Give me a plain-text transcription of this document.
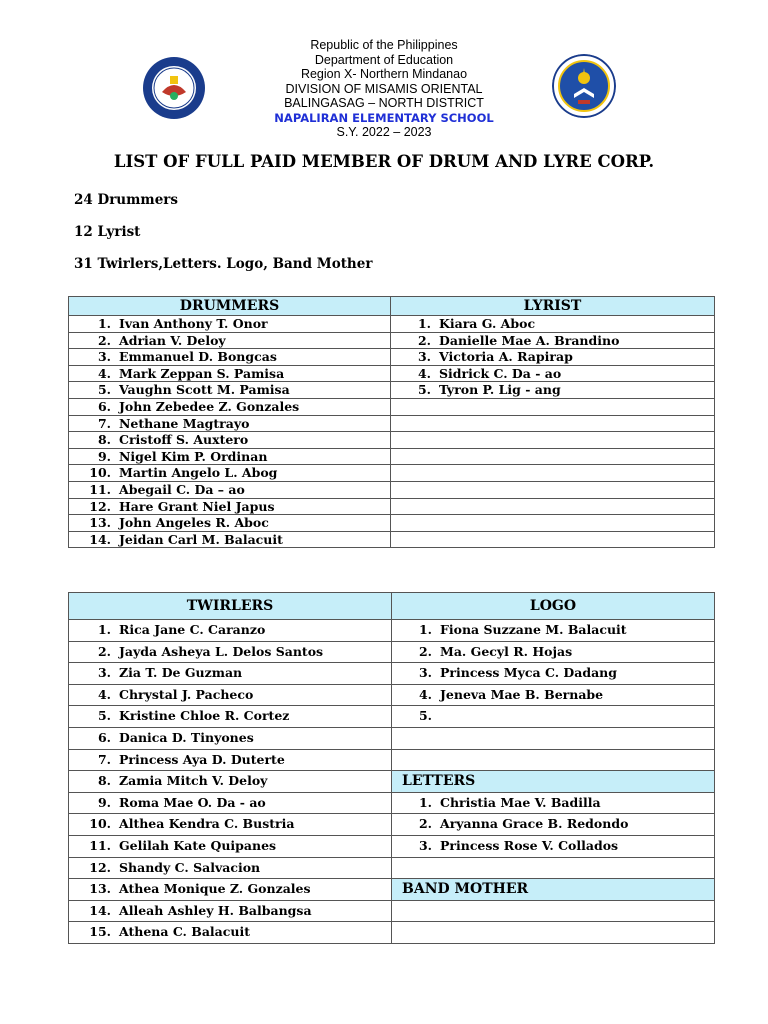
Republic of the Philippines
Department of Education
Region X- Northern Mindanao
DIVISION OF MISAMIS ORIENTAL
BALINGASAG – NORTH DISTRICT
NAPALIRAN ELEMENTARY SCHOOL
S.Y. 2022 – 2023
LIST OF FULL PAID MEMBER OF DRUM AND LYRE CORP.
24 Drummers
12 Lyrist
31 Twirlers,Letters. Logo, Band Mother
DRUMMERS	LYRIST
1. Ivan Anthony T. Onor	1. Kiara G. Aboc
2. Adrian V. Deloy	2. Danielle Mae A. Brandino
3. Emmanuel D. Bongcas	3. Victoria A. Rapirap
4. Mark Zeppan S. Pamisa	4. Sidrick C. Da - ao
5. Vaughn Scott M. Pamisa	5. Tyron P. Lig - ang
6. John Zebedee Z. Gonzales	
7. Nethane Magtrayo	
8. Cristoff S. Auxtero	
9. Nigel Kim P. Ordinan	
10. Martin Angelo L. Abog	
11. Abegail C. Da – ao	
12. Hare Grant Niel Japus	
13. John Angeles R. Aboc	
14. Jeidan Carl M. Balacuit	
TWIRLERS	LOGO
1. Rica Jane C. Caranzo	1. Fiona Suzzane M. Balacuit
2. Jayda Asheya L. Delos Santos	2. Ma. Gecyl R. Hojas
3. Zia T. De Guzman	3. Princess Myca C. Dadang
4. Chrystal J. Pacheco	4. Jeneva Mae B. Bernabe
5. Kristine Chloe R. Cortez	5.
6. Danica D. Tinyones	
7. Princess Aya D. Duterte	
8. Zamia Mitch V. Deloy	LETTERS
9. Roma Mae O. Da - ao	1. Christia Mae V. Badilla
10. Althea Kendra C. Bustria	2. Aryanna Grace B. Redondo
11. Gelilah Kate Quipanes	3. Princess Rose V. Collados
12. Shandy C. Salvacion	
13. Athea Monique Z. Gonzales	BAND MOTHER
14. Alleah Ashley H. Balbangsa	
15. Athena C. Balacuit	
